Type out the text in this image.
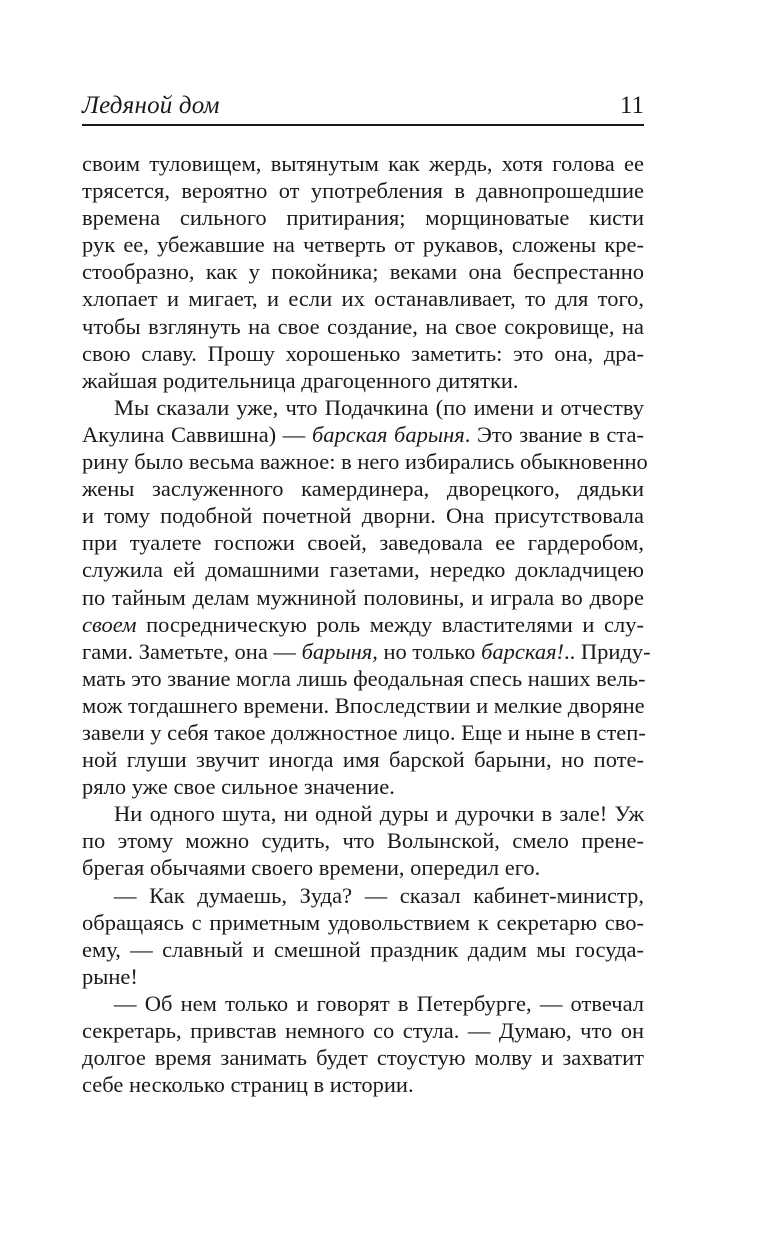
Ледяной дом	11
своим туловищем, вытянутым как жердь, хотя голова ее
трясется, вероятно от употребления в давнопрошедшие
времена сильного притирания; морщиноватые кисти
рук ее, убежавшие на четверть от рукавов, сложены кре-
стообразно, как у покойника; веками она беспрестанно
хлопает и мигает, и если их останавливает, то для того,
чтобы взглянуть на свое создание, на свое сокровище, на
свою славу. Прошу хорошенько заметить: это она, дра-
жайшая родительница драгоценного дитятки.
Мы сказали уже, что Подачкина (по имени и отчеству
Акулина Саввишна) — барская барыня. Это звание в ста-
рину было весьма важное: в него избирались обыкновенно
жены заслуженного камердинера, дворецкого, дядьки
и тому подобной почетной дворни. Она присутствовала
при туалете госпожи своей, заведовала ее гардеробом,
служила ей домашними газетами, нередко докладчицею
по тайным делам мужниной половины, и играла во дворе
своем посредническую роль между властителями и слу-
гами. Заметьте, она — барыня, но только барская!.. Приду-
мать это звание могла лишь феодальная спесь наших вель-
мож тогдашнего времени. Впоследствии и мелкие дворяне
завели у себя такое должностное лицо. Еще и ныне в степ-
ной глуши звучит иногда имя барской барыни, но поте-
ряло уже свое сильное значение.
Ни одного шута, ни одной дуры и дурочки в зале! Уж
по этому можно судить, что Волынской, смело прене-
брегая обычаями своего времени, опередил его.
— Как думаешь, Зуда? — сказал кабинет-министр,
обращаясь с приметным удовольствием к секретарю сво-
ему, — славный и смешной праздник дадим мы госуда-
рыне!
— Об нем только и говорят в Петербурге, — отвечал
секретарь, привстав немного со стула. — Думаю, что он
долгое время занимать будет стоустую молву и захватит
себе несколько страниц в истории.
